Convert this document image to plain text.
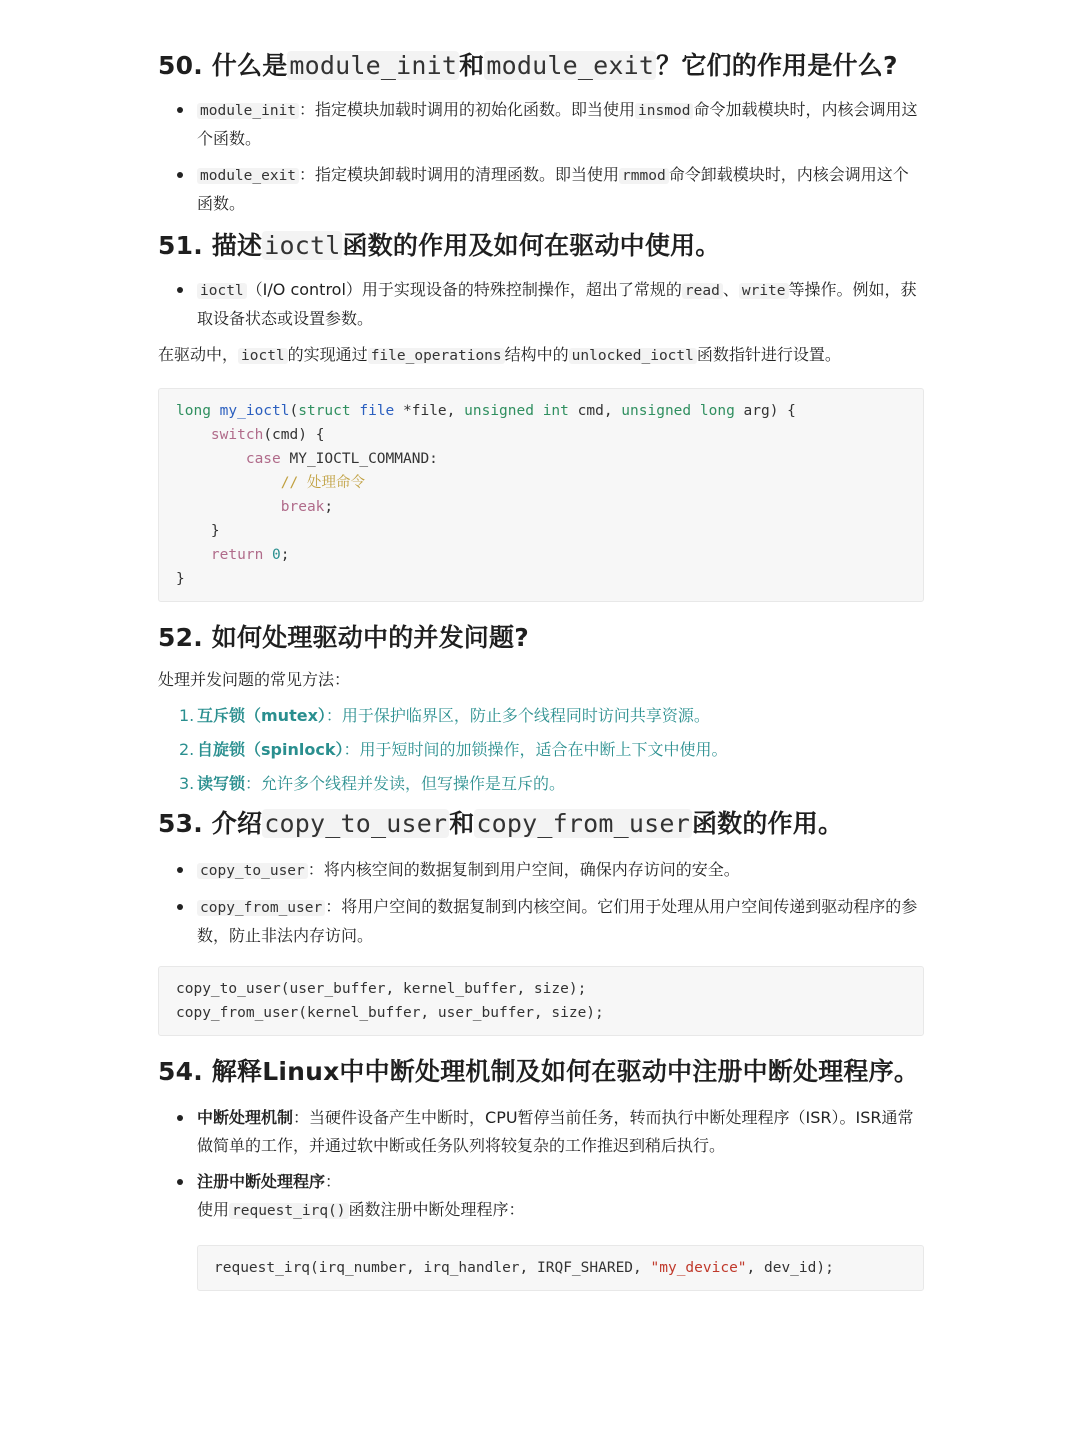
50. 什么是module_init和module_exit？它们的作用是什么?
module_init ：指定模块加载时调用的初始化函数。即当使用 insmod 命令加载模块时，内核会调用这个函数。
module_exit ：指定模块卸载时调用的清理函数。即当使用 rmmod 命令卸载模块时，内核会调用这个函数。
51. 描述ioctl函数的作用及如何在驱动中使用。
ioctl （I/O control）用于实现设备的特殊控制操作，超出了常规的 read 、 write 等操作。例如，获取设备状态或设置参数。

在驱动中， ioctl 的实现通过 file_operations 结构中的 unlocked_ioctl 函数指针进行设置。

long my_ioctl(struct file *file, unsigned int cmd, unsigned long arg) {
switch(cmd) {
case MY_IOCTL_COMMAND:
// 处理命令
break;
}
return 0;
}
52. 如何处理驱动中的并发问题?

处理并发问题的常见方法：

1. 互斥锁（mutex）：用于保护临界区，防止多个线程同时访问共享资源。
2. 自旋锁（spinlock）：用于短时间的加锁操作，适合在中断上下文中使用。
3. 读写锁：允许多个线程并发读，但写操作是互斥的。
53. 介绍copy_to_user和copy_from_user函数的作用。
copy_to_user ：将内核空间的数据复制到用户空间，确保内存访问的安全。
copy_from_user ：将用户空间的数据复制到内核空间。它们用于处理从用户空间传递到驱动程序的参数，防止非法内存访问。
copy_to_user(user_buffer, kernel_buffer, size);
copy_from_user(kernel_buffer, user_buffer, size);
54. 解释Linux中中断处理机制及如何在驱动中注册中断处理程序。
中断处理机制：当硬件设备产生中断时，CPU暂停当前任务，转而执行中断处理程序（ISR）。ISR通常做简单的工作，并通过软中断或任务队列将较复杂的工作推迟到稍后执行。
注册中断处理程序：
使用 request_irq() 函数注册中断处理程序：
request_irq(irq_number, irq_handler, IRQF_SHARED, "my_device", dev_id);
